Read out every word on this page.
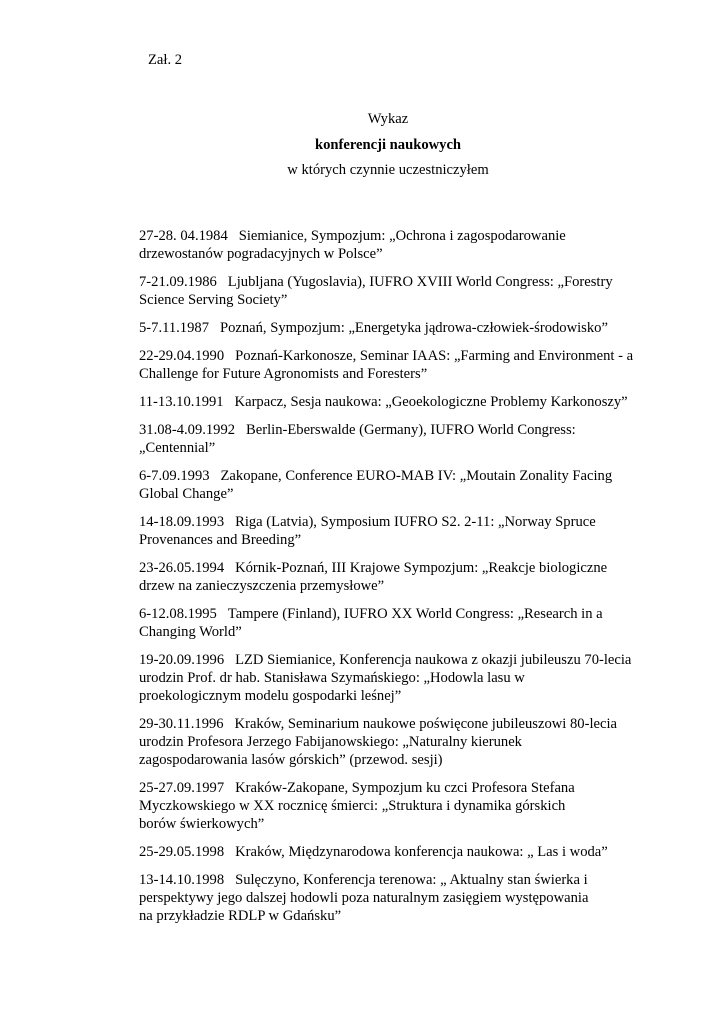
Zał. 2
Wykaz
konferencji naukowych
w których czynnie uczestniczyłem
27-28. 04.1984 Siemianice, Sympozjum: „Ochrona i zagospodarowanie
drzewostanów pogradacyjnych w Polsce”
7-21.09.1986 Ljubljana (Yugoslavia), IUFRO XVIII World Congress: „Forestry
Science Serving Society”
5-7.11.1987 Poznań, Sympozjum: „Energetyka jądrowa-człowiek-środowisko”
22-29.04.1990 Poznań-Karkonosze, Seminar IAAS: „Farming and Environment - a
Challenge for Future Agronomists and Foresters”
11-13.10.1991 Karpacz, Sesja naukowa: „Geoekologiczne Problemy Karkonoszy”
31.08-4.09.1992 Berlin-Eberswalde (Germany), IUFRO World Congress:
„Centennial”
6-7.09.1993 Zakopane, Conference EURO-MAB IV: „Moutain Zonality Facing
Global Change”
14-18.09.1993 Riga (Latvia), Symposium IUFRO S2. 2-11: „Norway Spruce
Provenances and Breeding”
23-26.05.1994 Kórnik-Poznań, III Krajowe Sympozjum: „Reakcje biologiczne
drzew na zanieczyszczenia przemysłowe”
6-12.08.1995 Tampere (Finland), IUFRO XX World Congress: „Research in a
Changing World”
19-20.09.1996 LZD Siemianice, Konferencja naukowa z okazji jubileuszu 70-lecia
urodzin Prof. dr hab. Stanisława Szymańskiego: „Hodowla lasu w
proekologicznym modelu gospodarki leśnej”
29-30.11.1996 Kraków, Seminarium naukowe poświęcone jubileuszowi 80-lecia
urodzin Profesora Jerzego Fabijanowskiego: „Naturalny kierunek
zagospodarowania lasów górskich” (przewod. sesji)
25-27.09.1997 Kraków-Zakopane, Sympozjum ku czci Profesora Stefana
Myczkowskiego w XX rocznicę śmierci: „Struktura i dynamika górskich
borów świerkowych”
25-29.05.1998 Kraków, Międzynarodowa konferencja naukowa: „ Las i woda”
13-14.10.1998 Sulęczyno, Konferencja terenowa: „ Aktualny stan świerka i
perspektywy jego dalszej hodowli poza naturalnym zasięgiem występowania
na przykładzie RDLP w Gdańsku”
